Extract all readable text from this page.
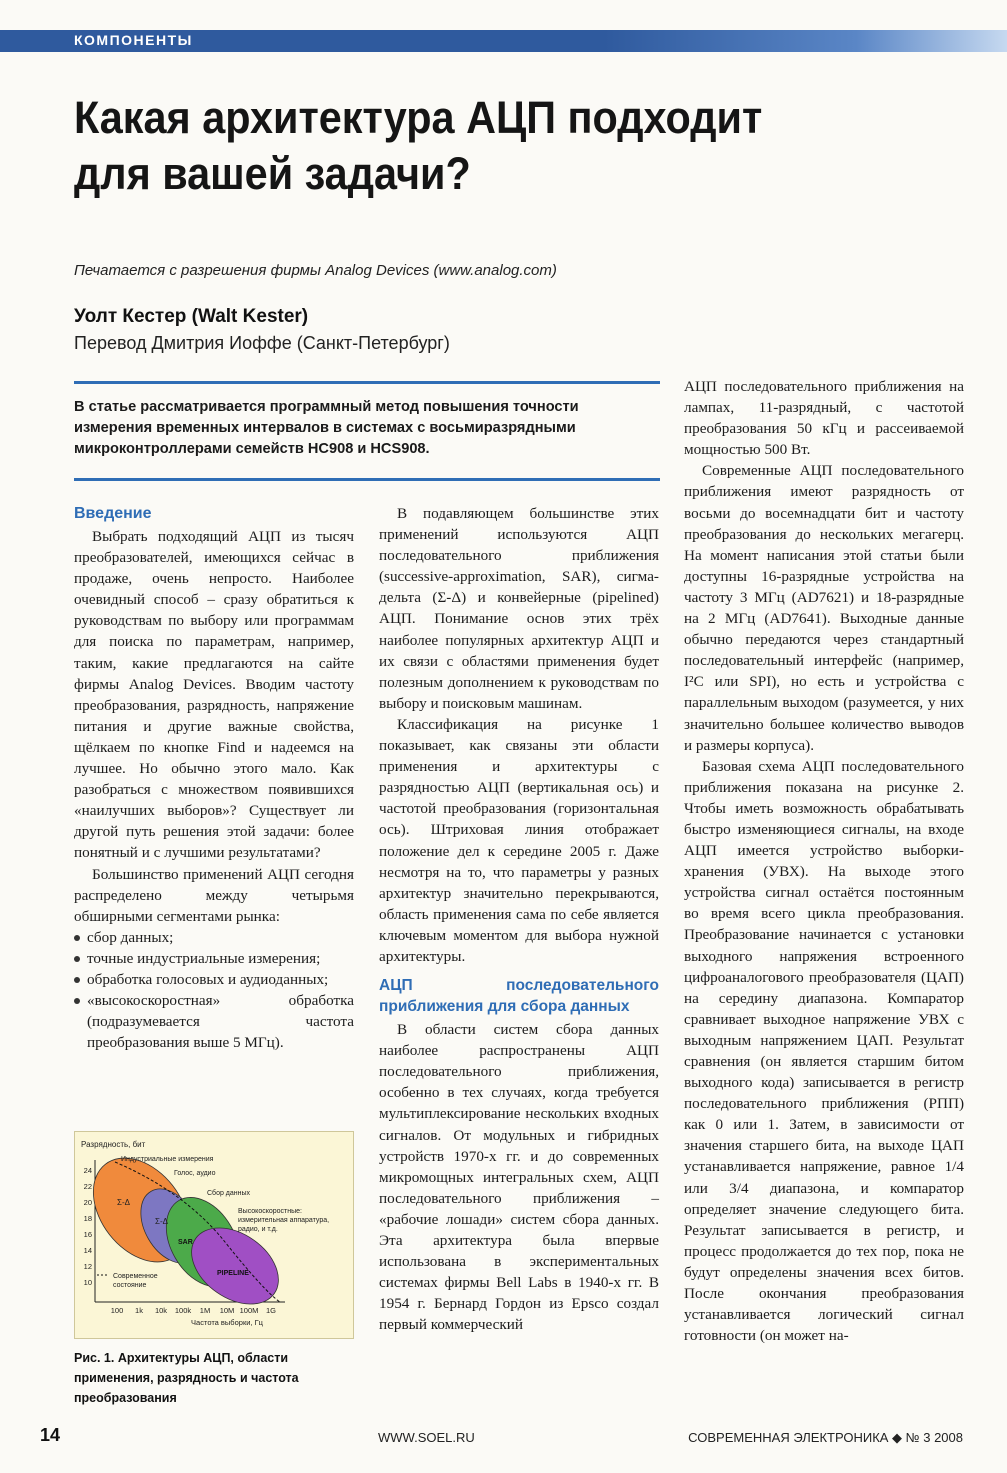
КОМПОНЕНТЫ
Какая архитектура АЦП подходит
для вашей задачи?
Печатается с разрешения фирмы Analog Devices (www.analog.com)
Уолт Кестер (Walt Kester)
Перевод Дмитрия Иоффе (Санкт-Петербург)
В статье рассматривается программный метод повышения точности измерения временных интервалов в системах с восьмиразрядными микроконтроллерами семейств HC908 и HCS908.
Введение

Выбрать подходящий АЦП из тысяч преобразователей, имеющихся сейчас в продаже, очень непросто. Наиболее очевидный способ – сразу обратиться к руководствам по выбору или программам для поиска по параметрам, например, таким, какие предлагаются на сайте фирмы Analog Devices. Вводим частоту преобразования, разрядность, напряжение питания и другие важные свойства, щёлкаем по кнопке Find и надеемся на лучшее. Но обычно этого мало. Как разобраться с множеством появившихся «наилучших выборов»? Существует ли другой путь решения этой задачи: более понятный и с лучшими результатами?

Большинство применений АЦП сегодня распределено между четырьмя обширными сегментами рынка:

сбор данных;
точные индустриальные измерения;
обработка голосовых и аудиоданных;
«высокоскоростная» обработка (подразумевается частота преобразования выше 5 МГц).
Разрядность, бит
Σ-Δ
Σ-Δ
SAR
PIPELINE
Индустриальные измерения
Голос, аудио
Сбор данных
Высокоскоростные:
измерительная аппаратура,
радио, и т.д.
Современное
состояние
24
22
20
18
16
14
12
10
100 1k 10k 100k 1M 10M 100M 1G
Частота выборки, Гц
Рис. 1. Архитектуры АЦП, области применения, разрядность и частота преобразования

В подавляющем большинстве этих применений используются АЦП последовательного приближения (successive-approximation, SAR), сигма-дельта (Σ-Δ) и конвейерные (pipelined) АЦП. Понимание основ этих трёх наиболее популярных архитектур АЦП и их связи с областями применения будет полезным дополнением к руководствам по выбору и поисковым машинам.

Классификация на рисунке 1 показывает, как связаны эти области применения и архитектуры с разрядностью АЦП (вертикальная ось) и частотой преобразования (горизонтальная ось). Штриховая линия отображает положение дел к середине 2005 г. Даже несмотря на то, что параметры у разных архитектур значительно перекрываются, область применения сама по себе является ключевым моментом для выбора нужной архитектуры.

АЦП последовательного приближения для сбора данных

В области систем сбора данных наиболее распространены АЦП последовательного приближения, особенно в тех случаях, когда требуется мультиплексирование нескольких входных сигналов. От модульных и гибридных устройств 1970-х гг. и до современных микромощных интегральных схем, АЦП последовательного приближения – «рабочие лошади» систем сбора данных. Эта архитектура была впервые использована в экспериментальных системах фирмы Bell Labs в 1940-х гг. В 1954 г. Бернард Гордон из Epsco создал первый коммерческий

АЦП последовательного приближения на лампах, 11-разрядный, с частотой преобразования 50 кГц и рассеиваемой мощностью 500 Вт.

Современные АЦП последовательного приближения имеют разрядность от восьми до восемнадцати бит и частоту преобразования до нескольких мегагерц. На момент написания этой статьи были доступны 16-разрядные устройства на частоту 3 МГц (AD7621) и 18-разрядные на 2 МГц (AD7641). Выходные данные обычно передаются через стандартный последовательный интерфейс (например, I²C или SPI), но есть и устройства с параллельным выходом (разумеется, у них значительно большее количество выводов и размеры корпуса).

Базовая схема АЦП последовательного приближения показана на рисунке 2. Чтобы иметь возможность обрабатывать быстро изменяющиеся сигналы, на входе АЦП имеется устройство выборки-хранения (УВХ). На выходе этого устройства сигнал остаётся постоянным во время всего цикла преобразования. Преобразование начинается с установки выходного напряжения встроенного цифроаналогового преобразователя (ЦАП) на середину диапазона. Компаратор сравнивает выходное напряжение УВХ с выходным напряжением ЦАП. Результат сравнения (он является старшим битом выходного кода) записывается в регистр последовательного приближения (РПП) как 0 или 1. Затем, в зависимости от значения старшего бита, на выходе ЦАП устанавливается напряжение, равное 1/4 или 3/4 диапазона, и компаратор определяет значение следующего бита. Результат записывается в регистр, и процесс продолжается до тех пор, пока не будут определены значения всех битов. После окончания преобразования устанавливается логический сигнал готовности (он может на-

14	WWW.SOEL.RU	СОВРЕМЕННАЯ ЭЛЕКТРОНИКА ◆ № 3 2008
